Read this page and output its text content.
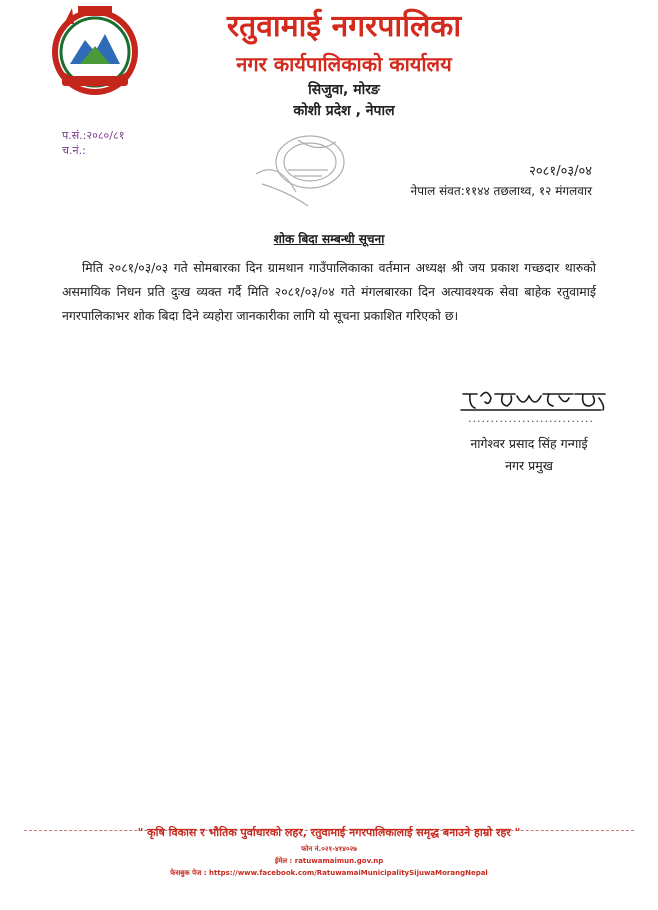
रतुवामाई नगरपालिका
नगर कार्यपालिकाको कार्यालय
सिजुवा, मोरङ
कोशी प्रदेश , नेपाल
प.सं.:२०८०/८१
च.नं.:
२०८१/०३/०४
नेपाल संवत:११४४ तछलाथ्व, १२ मंगलवार
शोक बिदा सम्बन्धी सूचना
मिति २०८१/०३/०३ गते सोमबारका दिन ग्रामथान गाउँपालिकाका वर्तमान अध्यक्ष श्री जय प्रकाश गच्छदार थारुको असमायिक निधन प्रति दुःख व्यक्त गर्दै मिति २०८१/०३/०४ गते मंगलबारका दिन अत्यावश्यक सेवा बाहेक रतुवामाई नगरपालिकाभर शोक बिदा दिने व्यहोरा जानकारीका लागि यो सूचना प्रकाशित गरिएको छ।
............................
नागेश्वर प्रसाद सिंह गन्गाई
नगर प्रमुख
" कृषि विकास र भौतिक पुर्वाधारको लहर, रतुवामाई नगरपालिकालाई समृद्ध बनाउने हाम्रो रहर "
फोन नं.०२१-४१४०२७
ईमेल : ratuwamaimun.gov.np
फेसबुक पेज : https://www.facebook.com/RatuwamaiMunicipalitySijuwaMorangNepal
